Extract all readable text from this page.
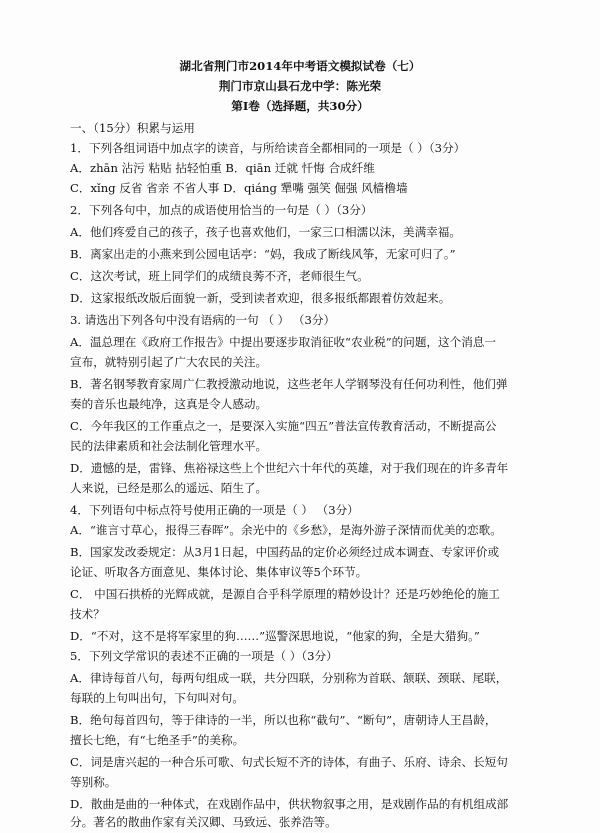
湖北省荆门市2014年中考语文模拟试卷（七）
荆门市京山县石龙中学：陈光荣
第Ⅰ卷（选择题，共30分）
一、（15分）积累与运用
1．下列各组词语中加点字的读音，与所给读音全都相同的一项是（ ）（3分）
A．zhān 沾污 粘贴 拈轻怕重 B．qiān 迁就 忏悔 合成纤维
C．xǐng 反省 省亲 不省人事 D．qiáng 犟嘴 强笑 倔强 风樯橹墙
2．下列各句中，加点的成语使用恰当的一句是（ ）（3分）
A．他们疼爱自己的孩子，孩子也喜欢他们，一家三口相濡以沫，美满幸福。
B．离家出走的小燕来到公园电话亭：“妈，我成了断线风筝，无家可归了。”
C．这次考试，班上同学们的成绩良莠不齐，老师很生气。
D．这家报纸改版后面貌一新，受到读者欢迎，很多报纸都跟着仿效起来。
3. 请选出下列各句中没有语病的一句 （ ） （3分）
A．温总理在《政府工作报告》中提出要逐步取消征收“农业税”的问题，这个消息一
宣布，就特别引起了广大农民的关注。
B．著名钢琴教育家周广仁教授激动地说，这些老年人学钢琴没有任何功利性，他们弹
奏的音乐也最纯净，这真是令人感动。
C．今年我区的工作重点之一，是要深入实施“四五”普法宣传教育活动，不断提高公
民的法律素质和社会法制化管理水平。
D．遗憾的是，雷锋、焦裕禄这些上个世纪六十年代的英雄，对于我们现在的许多青年
人来说，已经是那么的遥远、陌生了。
4．下列语句中标点符号使用正确的一项是（ ） （3分）
A．“谁言寸草心，报得三春晖”。余光中的《乡愁》，是海外游子深情而优美的恋歌。
B．国家发改委规定：从3月1日起，中国药品的定价必须经过成本调查、专家评价或
论证、听取各方面意见、集体讨论、集体审议等5个环节。
C． 中国石拱桥的光辉成就，是源自合乎科学原理的精妙设计？还是巧妙绝伦的施工
技术？
D．“不对，这不是将军家里的狗……”巡警深思地说，“他家的狗，全是大猎狗。”
5．下列文学常识的表述不正确的一项是（ ）（3分）
A．律诗每首八句，每两句组成一联，共分四联，分别称为首联、颔联、颈联、尾联，
每联的上句叫出句，下句叫对句。
B．绝句每首四句，等于律诗的一半，所以也称“截句”、“断句”，唐朝诗人王昌龄，
擅长七绝，有“七绝圣手”的美称。
C．词是唐兴起的一种合乐可歌、句式长短不齐的诗体，有曲子、乐府、诗余、长短句
等别称。
D．散曲是曲的一种体式，在戏剧作品中，供状物叙事之用，是戏剧作品的有机组成部
分。著名的散曲作家有关汉卿、马致远、张养浩等。
